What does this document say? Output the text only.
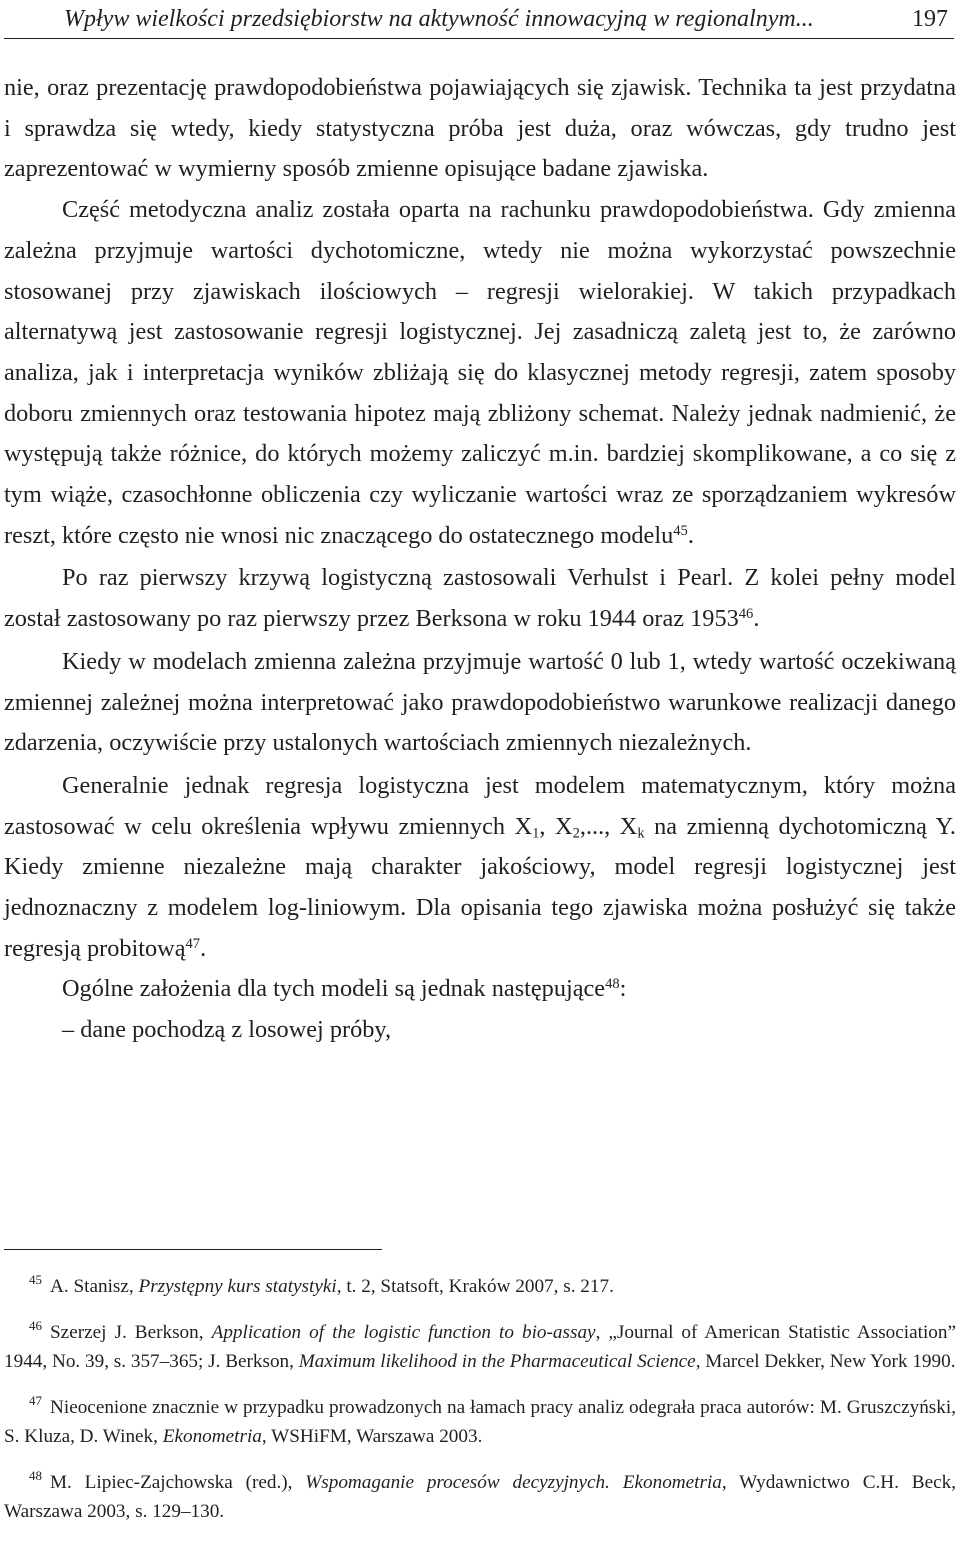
Wpływ wielkości przedsiębiorstw na aktywność innowacyjną w regionalnym...	197

nie, oraz prezentację prawdopodobieństwa pojawiających się zjawisk. Technika ta jest przydatna i sprawdza się wtedy, kiedy statystyczna próba jest duża, oraz wówczas, gdy trudno jest zaprezentować w wymierny sposób zmienne opisujące badane zjawiska.

Część metodyczna analiz została oparta na rachunku prawdopodobieństwa. Gdy zmienna zależna przyjmuje wartości dychotomiczne, wtedy nie można wykorzystać powszechnie stosowanej przy zjawiskach ilościowych – regresji wielorakiej. W takich przypadkach alternatywą jest zastosowanie regresji logistycznej. Jej zasadniczą zaletą jest to, że zarówno analiza, jak i interpretacja wyników zbliżają się do klasycznej metody regresji, zatem sposoby doboru zmiennych oraz testowania hipotez mają zbliżony schemat. Należy jednak nadmienić, że występują także różnice, do których możemy zaliczyć m.in. bardziej skomplikowane, a co się z tym wiąże, czasochłonne obliczenia czy wyliczanie wartości wraz ze sporządzaniem wykresów reszt, które często nie wnosi nic znaczącego do ostatecznego modelu$^{45}$.

Po raz pierwszy krzywą logistyczną zastosowali Verhulst i Pearl. Z kolei pełny model został zastosowany po raz pierwszy przez Berksona w roku 1944 oraz 1953$^{46}$.

Kiedy w modelach zmienna zależna przyjmuje wartość 0 lub 1, wtedy wartość oczekiwaną zmiennej zależnej można interpretować jako prawdopodobieństwo warunkowe realizacji danego zdarzenia, oczywiście przy ustalonych wartościach zmiennych niezależnych.

Generalnie jednak regresja logistyczna jest modelem matematycznym, który można zastosować w celu określenia wpływu zmiennych $X_1$, $X_2$,..., $X_k$ na zmienną dychotomiczną Y. Kiedy zmienne niezależne mają charakter jakościowy, model regresji logistycznej jest jednoznaczny z modelem log-liniowym. Dla opisania tego zjawiska można posłużyć się także regresją probitową$^{47}$.

Ogólne założenia dla tych modeli są jednak następujące$^{48}$:

– dane pochodzą z losowej próby,

45 A. Stanisz, Przystępny kurs statystyki, t. 2, Statsoft, Kraków 2007, s. 217.

46 Szerzej J. Berkson, Application of the logistic function to bio-assay, „Journal of American Statistic Association” 1944, No. 39, s. 357–365; J. Berkson, Maximum likelihood in the Pharmaceutical Science, Marcel Dekker, New York 1990.

47 Nieocenione znacznie w przypadku prowadzonych na łamach pracy analiz odegrała praca autorów: M. Gruszczyński, S. Kluza, D. Winek, Ekonometria, WSHiFM, Warszawa 2003.

48 M. Lipiec-Zajchowska (red.), Wspomaganie procesów decyzyjnych. Ekonometria, Wydawnictwo C.H. Beck, Warszawa 2003, s. 129–130.
